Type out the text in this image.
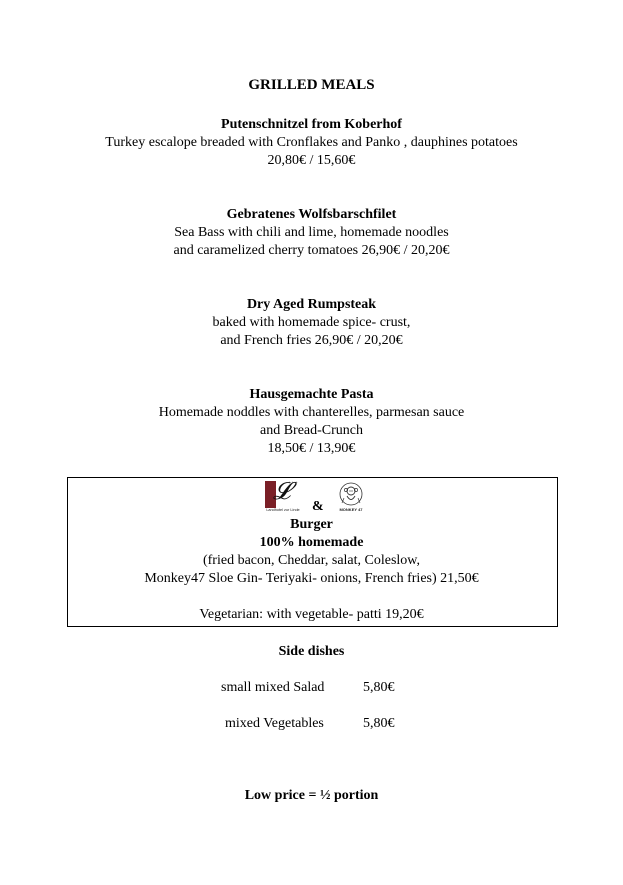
GRILLED MEALS
Putenschnitzel from Koberhof
Turkey escalope breaded with Cronflakes and Panko , dauphines potatoes
20,80€ / 15,60€
Gebratenes Wolfsbarschfilet
Sea Bass with chili and lime, homemade noodles
and caramelized cherry tomatoes 26,90€ / 20,20€
Dry Aged Rumpsteak
baked with homemade spice- crust,
and French fries 26,90€ / 20,20€
Hausgemachte Pasta
Homemade noddles with chanterelles, parmesan sauce
and Bread-Crunch
18,50€ / 13,90€
𝓛
***
Landhotel zur Linde &	MONKEY 47
Burger
100% homemade
(fried bacon, Cheddar, salat, Coleslow,
Monkey47 Sloe Gin- Teriyaki- onions, French fries) 21,50€
Vegetarian: with vegetable- patti 19,20€
Side dishes
small mixed Salad	5,80€
mixed Vegetables	5,80€
Low price = ½ portion
